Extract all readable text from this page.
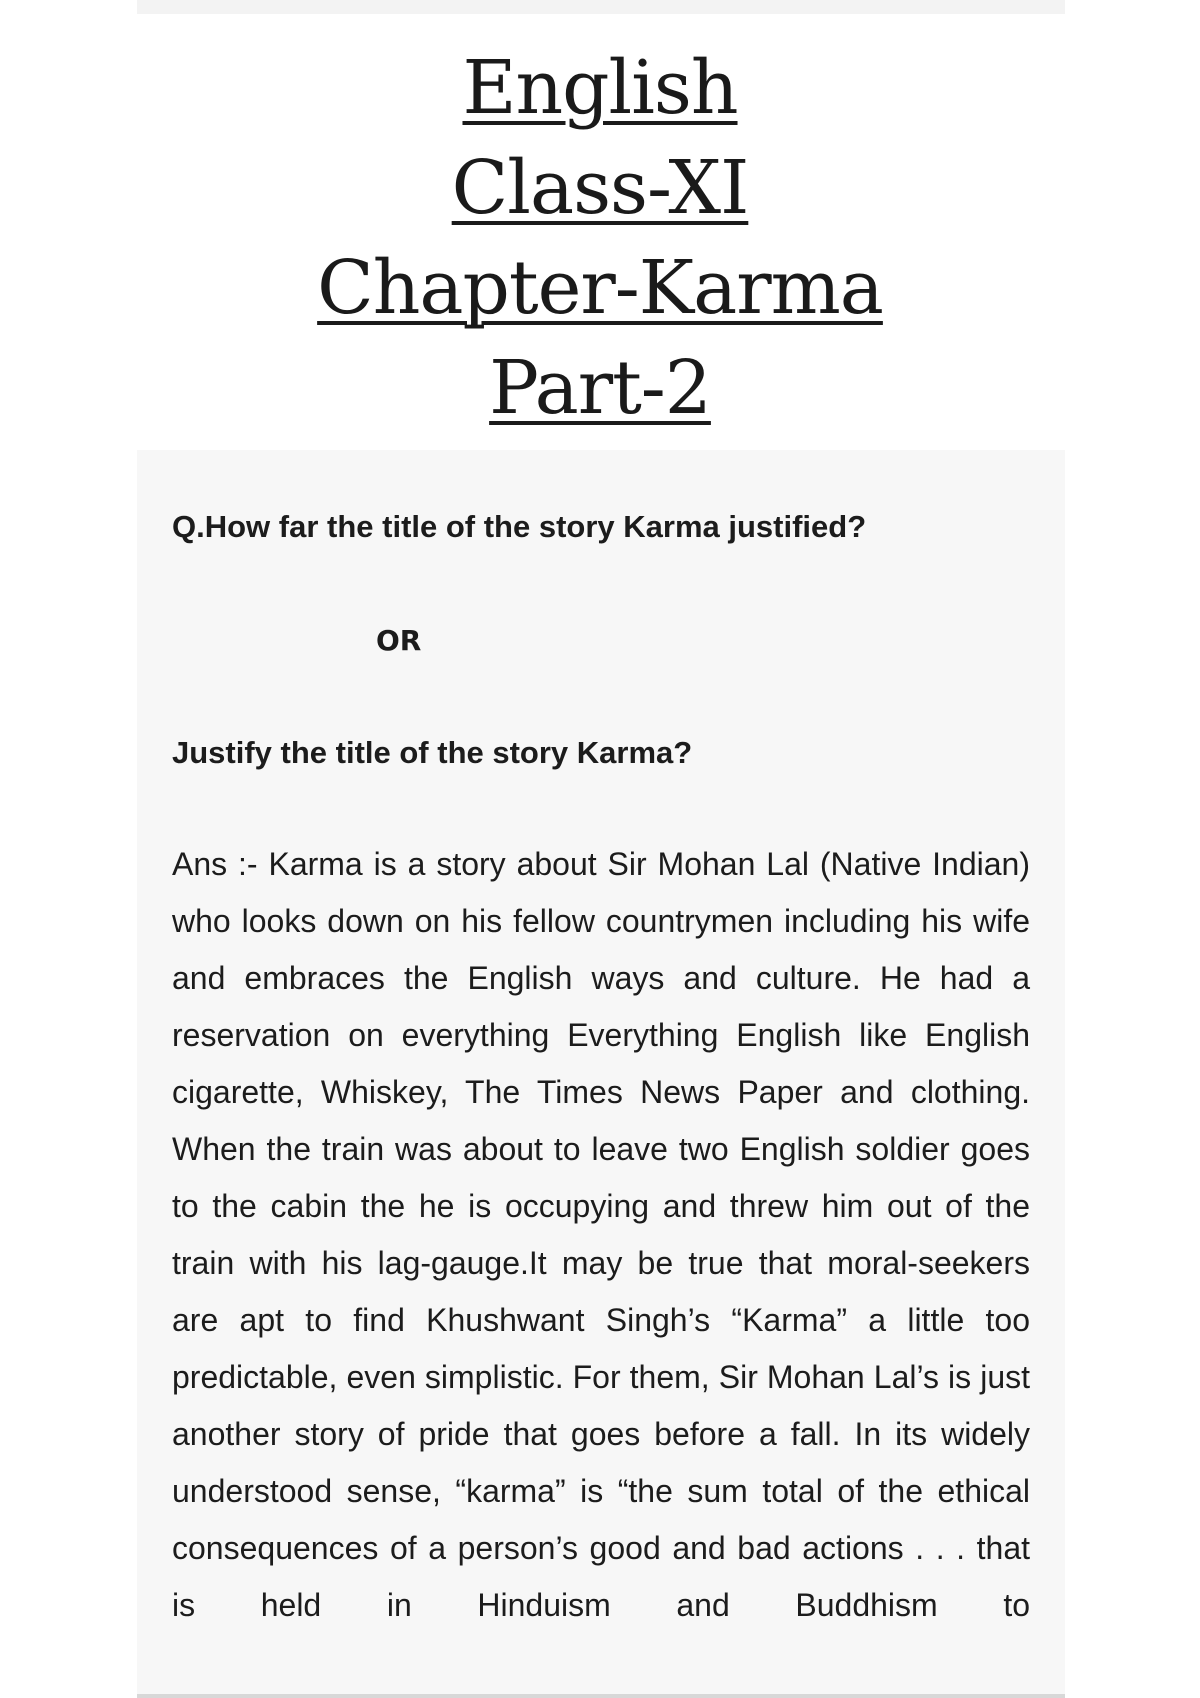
English
Class-XI
Chapter-Karma
Part-2

Q.How far the title of the story Karma justified?

OR

Justify the title of the story Karma?

Ans :- Karma is a story about Sir Mohan Lal (Native Indian) who looks down on his fellow countrymen including his wife and embraces the English ways and culture. He had a reservation on everything Everything English like English cigarette, Whiskey, The Times News Paper and clothing. When the train was about to leave two English soldier goes to the cabin the he is occupying and threw him out of the train with his lag-gauge.It may be true that moral-seekers are apt to find Khushwant Singh’s “Karma” a little too predictable, even simplistic. For them, Sir Mohan Lal’s is just another story of pride that goes before a fall. In its widely understood sense, “karma” is “the sum total of the ethical consequences of a person’s good and bad actions . . . that is held in Hinduism and Buddhism to
